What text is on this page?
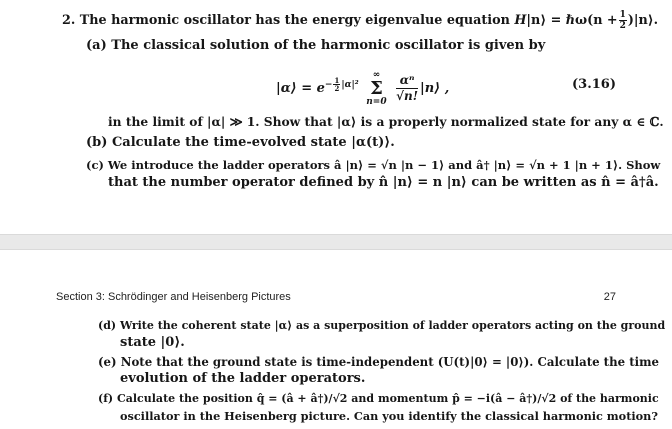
2. The harmonic oscillator has the energy eigenvalue equation H|n⟩ = ℏω(n + $\frac{1}{2}$ )|n⟩.
(a) The classical solution of the harmonic oscillator is given by
|α⟩ = $e^{- \frac{1}{2} |\alpha|^2}$
∞
Σ
n=0
$\frac{\text{αⁿ}}{√n!}$ |n⟩ ,	(3.16)
in the limit of |α| ≫ 1. Show that |α⟩ is a properly normalized state for any α ∈ ℂ.
(b) Calculate the time-evolved state |α(t)⟩.
(c) We introduce the ladder operators â |n⟩ = √n |n − 1⟩ and â† |n⟩ = √n + 1 |n + 1⟩. Show
that the number operator defined by n̂ |n⟩ = n |n⟩ can be written as n̂ = â†â.
Section 3: Schrödinger and Heisenberg Pictures	27
(d) Write the coherent state |α⟩ as a superposition of ladder operators acting on the ground
state |0⟩.
(e) Note that the ground state is time-independent (U(t)|0⟩ = |0⟩). Calculate the time
evolution of the ladder operators.
(f) Calculate the position q̂ = (â + â†)/√2 and momentum p̂ = −i(â − â†)/√2 of the harmonic
oscillator in the Heisenberg picture. Can you identify the classical harmonic motion?
